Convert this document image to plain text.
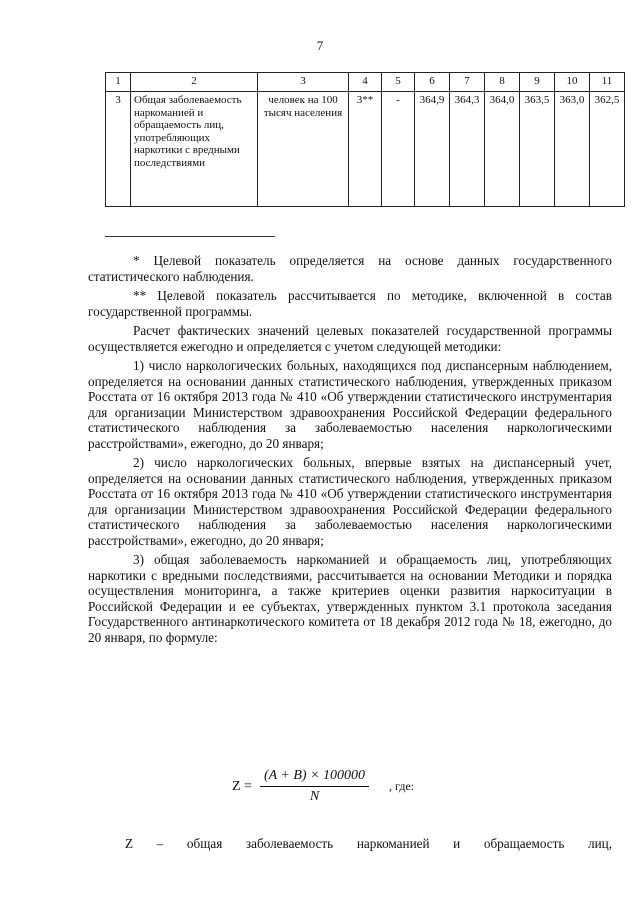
7
1	2	3	4	5	6	7	8	9	10	11
3	Общая заболеваемость наркоманией и обращаемость лиц, употребляющих наркотики с вредными последствиями	человек на 100 тысяч населения	3**	-	364,9	364,3	364,0	363,5	363,0	362,5

* Целевой показатель определяется на основе данных государственного статистического наблюдения.

** Целевой показатель рассчитывается по методике, включенной в состав государственной программы.

Расчет фактических значений целевых показателей государственной программы осуществляется ежегодно и определяется с учетом следующей методики:

1) число наркологических больных, находящихся под диспансерным наблюдением, определяется на основании данных статистического наблюдения, утвержденных приказом Росстата от 16 октября 2013 года № 410 «Об утверждении статистического инструментария для организации Министерством здравоохранения Российской Федерации федерального статистического наблюдения за заболеваемостью населения наркологическими расстройствами», ежегодно, до 20 января;

2) число наркологических больных, впервые взятых на диспансерный учет, определяется на основании данных статистического наблюдения, утвержденных приказом Росстата от 16 октября 2013 года № 410 «Об утверждении статистического инструментария для организации Министерством здравоохранения Российской Федерации федерального статистического наблюдения за заболеваемостью населения наркологическими расстройствами», ежегодно, до 20 января;

3) общая заболеваемость наркоманией и обращаемость лиц, употребляющих наркотики с вредными последствиями, рассчитывается на основании Методики и порядка осуществления мониторинга, а также критериев оценки развития наркоситуации в Российской Федерации и ее субъектах, утвержденных пунктом 3.1 протокола заседания Государственного антинаркотического комитета от 18 декабря 2012 года № 18, ежегодно, до 20 января, по формуле:

$Z = \frac{(A + B) \times 100000}{N}$ , где:
Z – общая заболеваемость наркоманией и обращаемость лиц,
